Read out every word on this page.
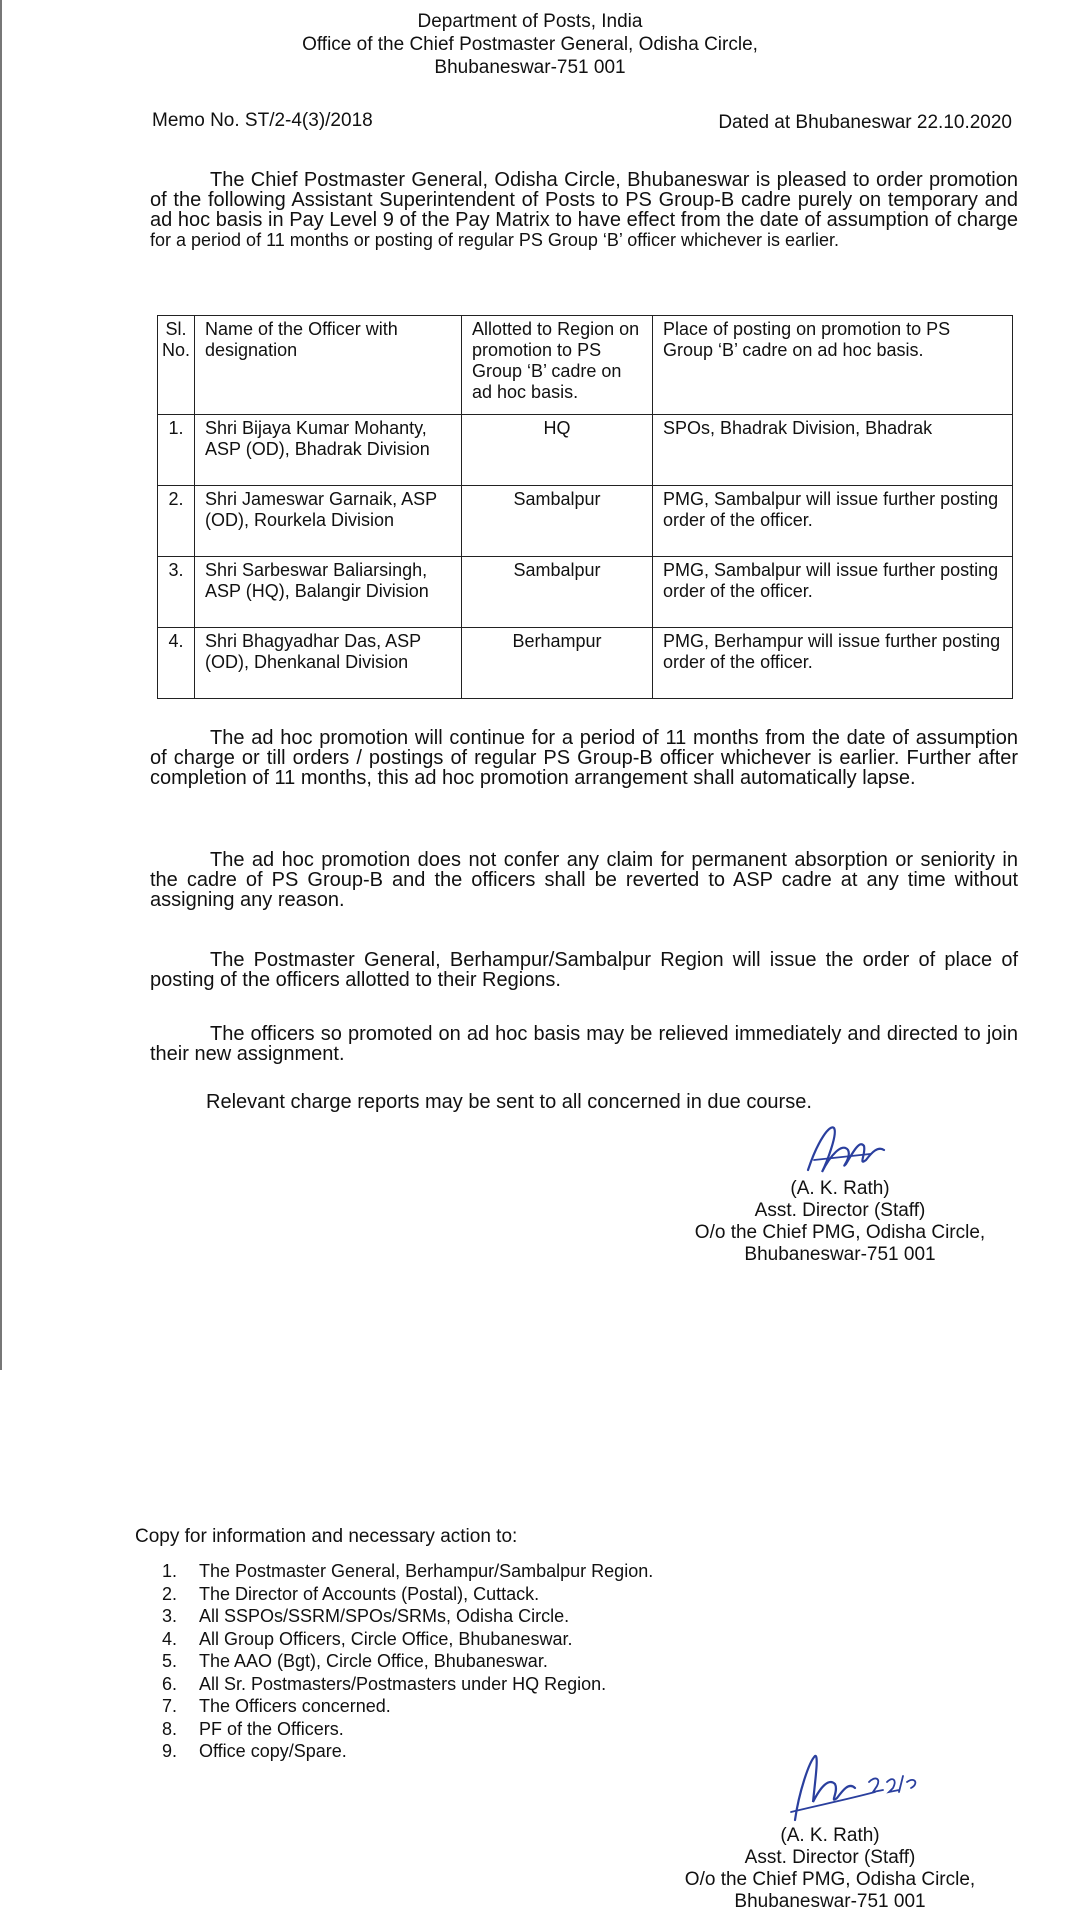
Department of Posts, India
Office of the Chief Postmaster General, Odisha Circle,
Bhubaneswar-751 001
Memo No. ST/2-4(3)/2018	Dated at Bhubaneswar 22.10.2020
The Chief Postmaster General, Odisha Circle, Bhubaneswar is pleased to order promotion of the following Assistant Superintendent of Posts to PS Group-B cadre purely on temporary and ad hoc basis in Pay Level 9 of the Pay Matrix to have effect from the date of assumption of charge for a period of 11 months or posting of regular PS Group ‘B’ officer whichever is earlier.
Sl. No.	Name of the Officer with designation	Allotted to Region on promotion to PS Group ‘B’ cadre on ad hoc basis.	Place of posting on promotion to PS Group ‘B’ cadre on ad hoc basis.
1.	Shri Bijaya Kumar Mohanty, ASP (OD), Bhadrak Division	HQ	SPOs, Bhadrak Division, Bhadrak
2.	Shri Jameswar Garnaik, ASP (OD), Rourkela Division	Sambalpur	PMG, Sambalpur will issue further posting order of the officer.
3.	Shri Sarbeswar Baliarsingh, ASP (HQ), Balangir Division	Sambalpur	PMG, Sambalpur will issue further posting order of the officer.
4.	Shri Bhagyadhar Das, ASP (OD), Dhenkanal Division	Berhampur	PMG, Berhampur will issue further posting order of the officer.
The ad hoc promotion will continue for a period of 11 months from the date of assumption of charge or till orders / postings of regular PS Group-B officer whichever is earlier. Further after completion of 11 months, this ad hoc promotion arrangement shall automatically lapse.
The ad hoc promotion does not confer any claim for permanent absorption or seniority in the cadre of PS Group-B and the officers shall be reverted to ASP cadre at any time without assigning any reason.
The Postmaster General, Berhampur/Sambalpur Region will issue the order of place of posting of the officers allotted to their Regions.
The officers so promoted on ad hoc basis may be relieved immediately and directed to join their new assignment.
Relevant charge reports may be sent to all concerned in due course.
(A. K. Rath)
Asst. Director (Staff)
O/o the Chief PMG, Odisha Circle,
Bhubaneswar-751 001
Copy for information and necessary action to:
1.	The Postmaster General, Berhampur/Sambalpur Region.
2.	The Director of Accounts (Postal), Cuttack.
3.	All SSPOs/SSRM/SPOs/SRMs, Odisha Circle.
4.	All Group Officers, Circle Office, Bhubaneswar.
5.	The AAO (Bgt), Circle Office, Bhubaneswar.
6.	All Sr. Postmasters/Postmasters under HQ Region.
7.	The Officers concerned.
8.	PF of the Officers.
9.	Office copy/Spare.
(A. K. Rath)
Asst. Director (Staff)
O/o the Chief PMG, Odisha Circle,
Bhubaneswar-751 001
